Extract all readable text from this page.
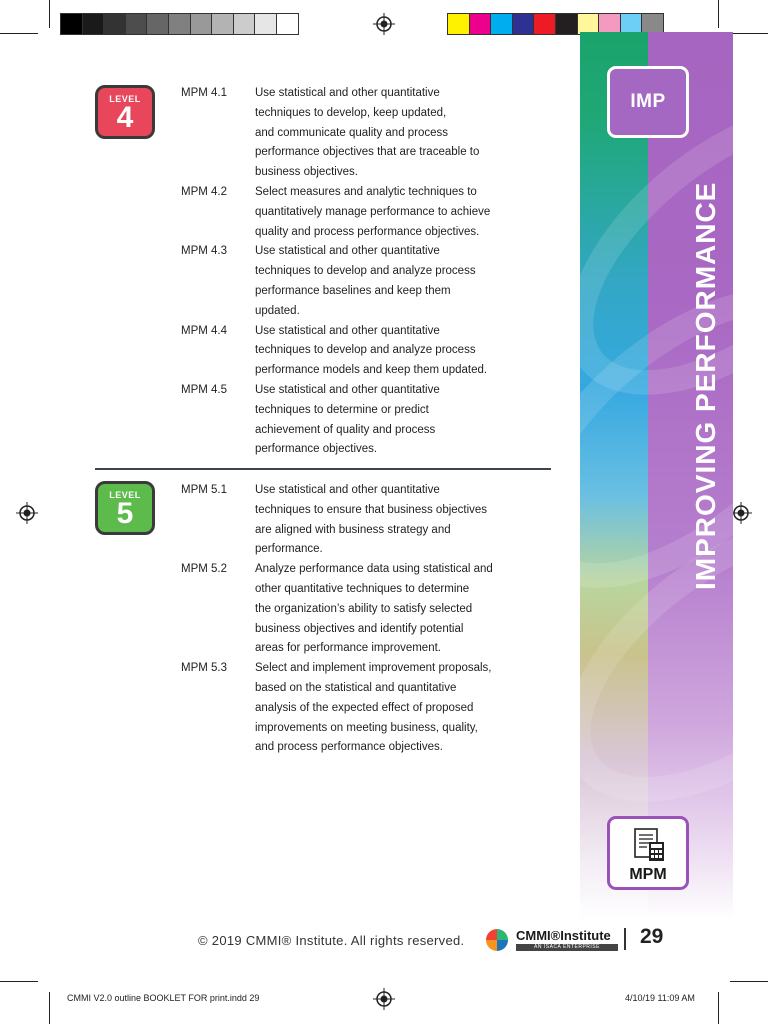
IMP
IMPROVING PERFORMANCE
MPM
LEVEL
4
MPM 4.1	Use statistical and other quantitative
techniques to develop, keep updated,
and communicate quality and process
performance objectives that are traceable to
business objectives.
MPM 4.2	Select measures and analytic techniques to
quantitatively manage performance to achieve
quality and process performance objectives.
MPM 4.3	Use statistical and other quantitative
techniques to develop and analyze process
performance baselines and keep them
updated.
MPM 4.4	Use statistical and other quantitative
techniques to develop and analyze process
performance models and keep them updated.
MPM 4.5	Use statistical and other quantitative
techniques to determine or predict
achievement of quality and process
performance objectives.
LEVEL
5
MPM 5.1	Use statistical and other quantitative
techniques to ensure that business objectives
are aligned with business strategy and
performance.
MPM 5.2	Analyze performance data using statistical and
other quantitative techniques to determine
the organization’s ability to satisfy selected
business objectives and identify potential
areas for performance improvement.
MPM 5.3	Select and implement improvement proposals,
based on the statistical and quantitative
analysis of the expected effect of proposed
improvements on meeting business, quality,
and process performance objectives.
© 2019 CMMI® Institute. All rights reserved.	CMMI®Institute
AN ISACA ENTERPRISE	29
CMMI V2.0 outline BOOKLET FOR print.indd 29	4/10/19 11:09 AM
